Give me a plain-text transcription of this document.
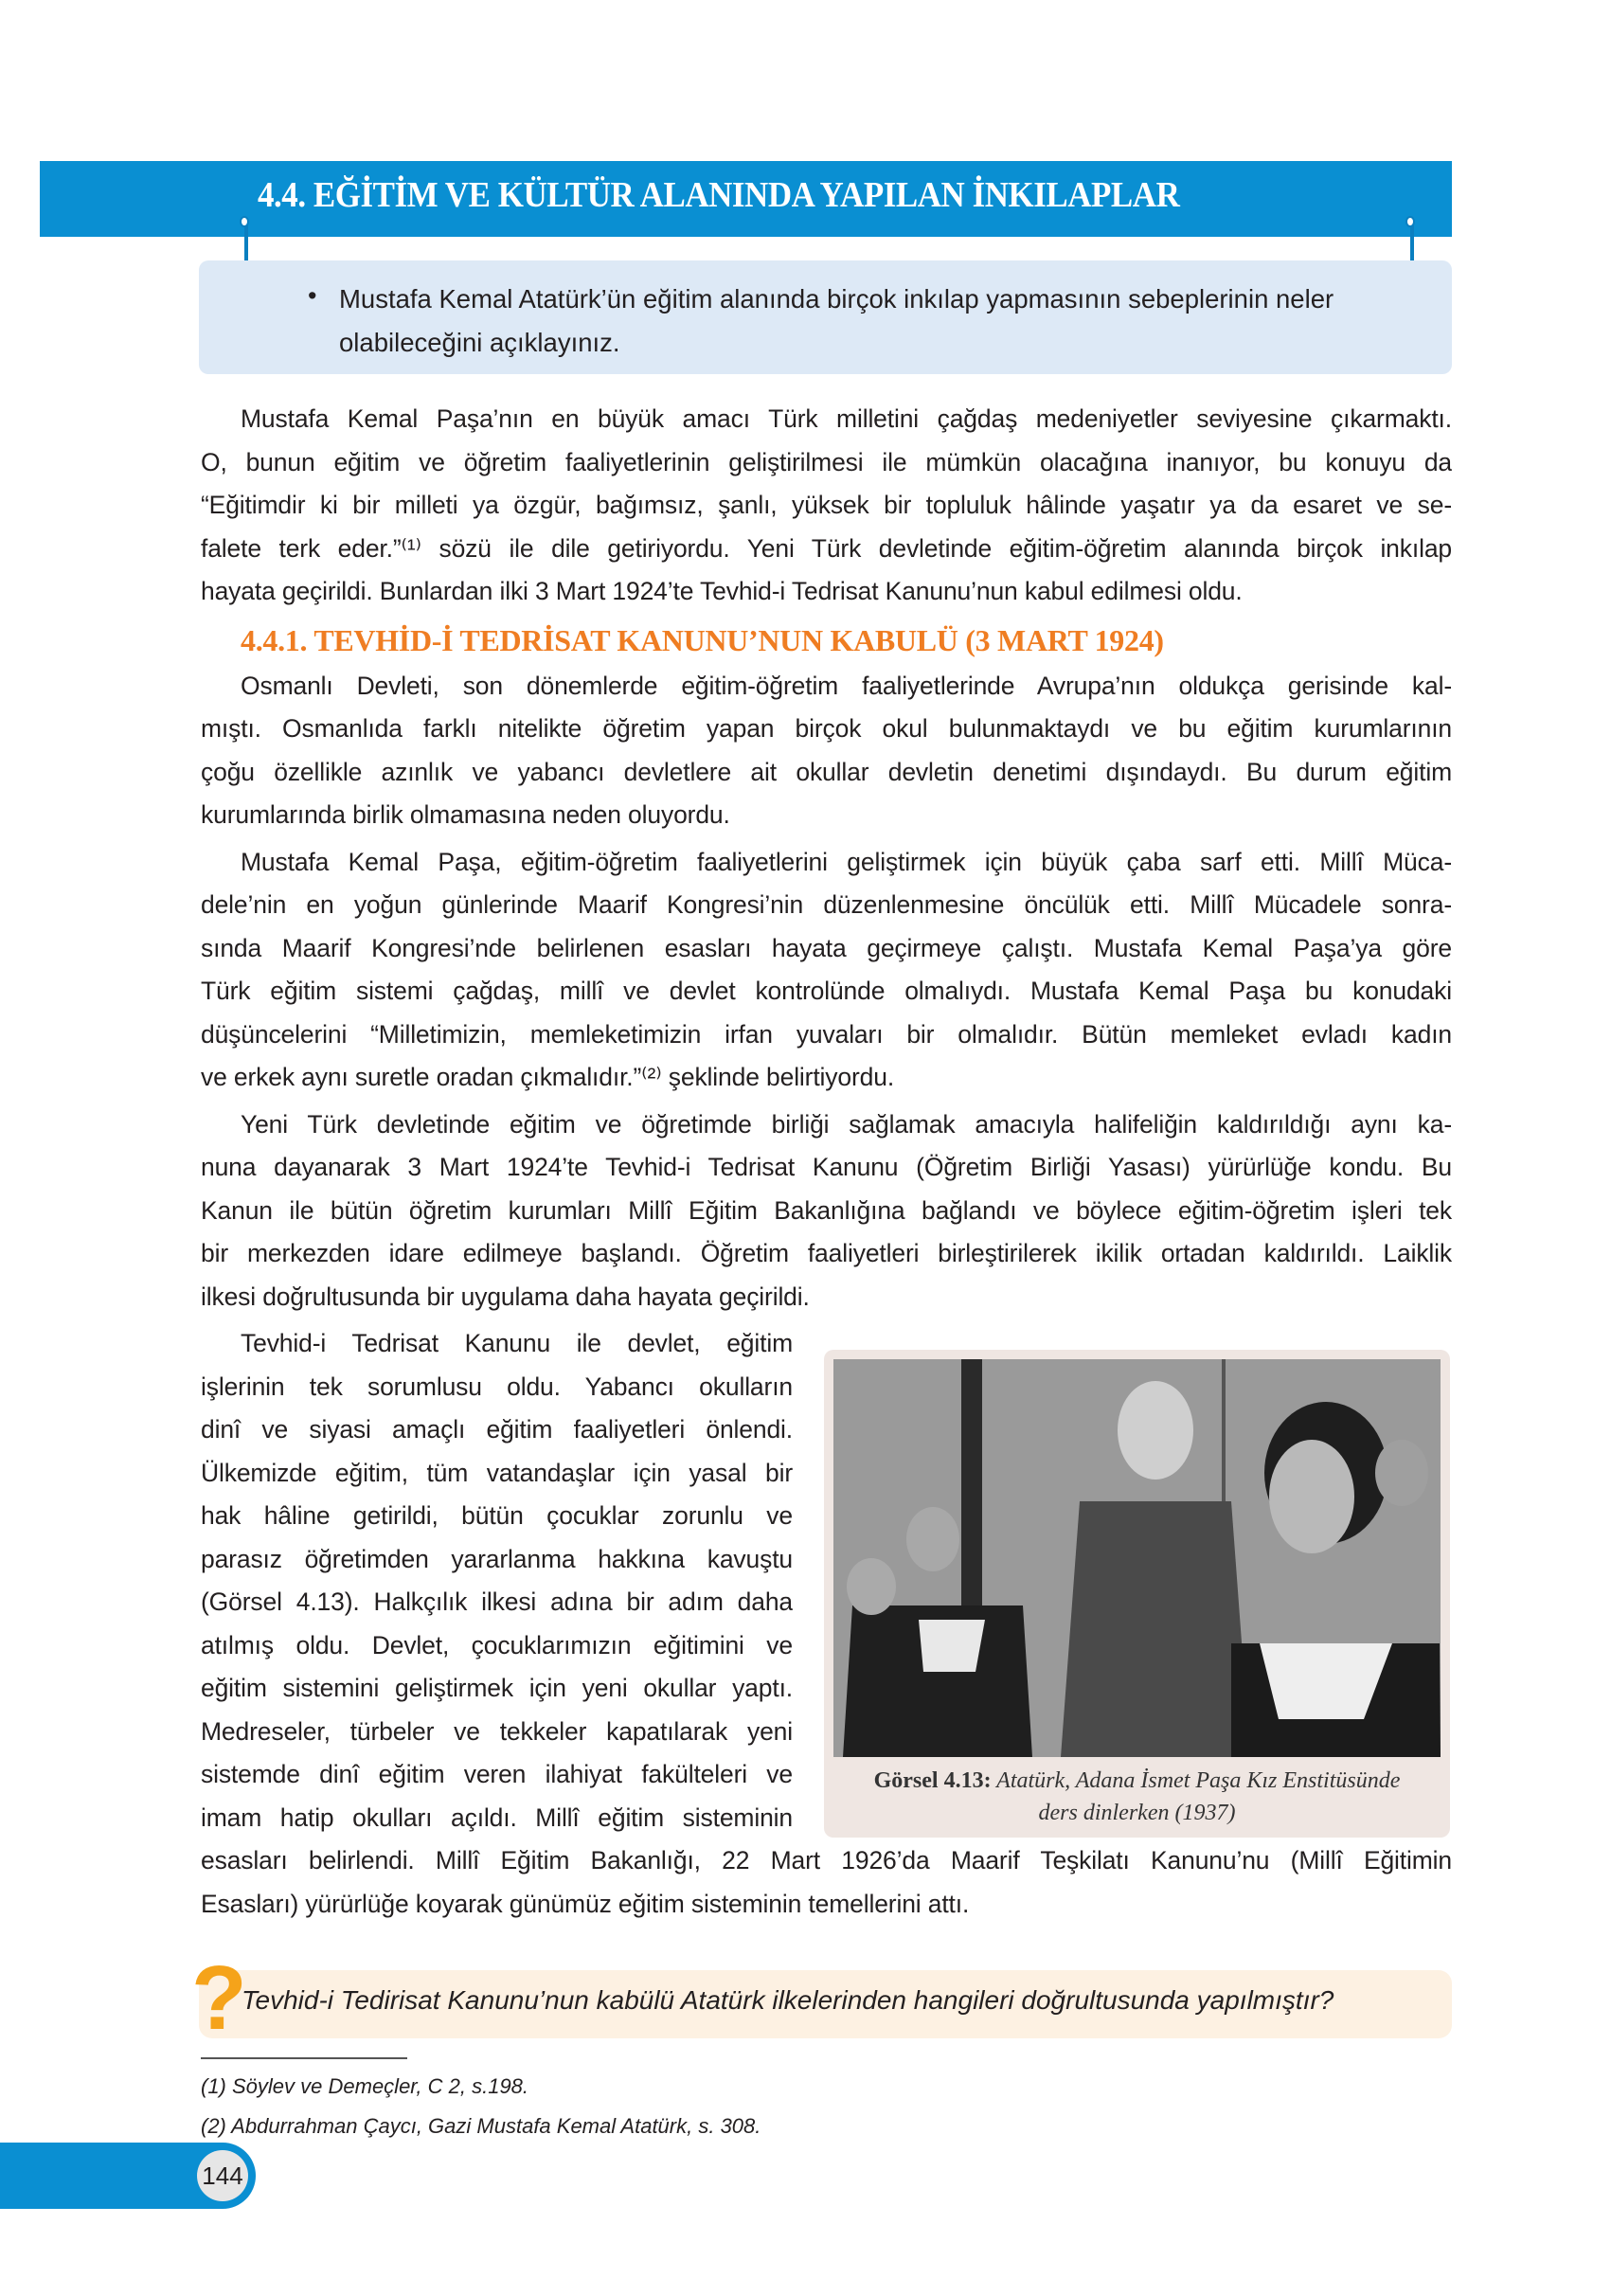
4.4. EĞİTİM VE KÜLTÜR ALANINDA YAPILAN İNKILAPLAR
• Mustafa Kemal Atatürk’ün eğitim alanında birçok inkılap yapmasının sebeplerinin neler olabileceğini açıklayınız.
Mustafa Kemal Paşa’nın en büyük amacı Türk milletini çağdaş medeniyetler seviyesine çıkarmaktı.
O, bunun eğitim ve öğretim faaliyetlerinin geliştirilmesi ile mümkün olacağına inanıyor, bu konuyu da
“Eğitimdir ki bir milleti ya özgür, bağımsız, şanlı, yüksek bir topluluk hâlinde yaşatır ya da esaret ve se-
falete terk eder.”⁽¹⁾ sözü ile dile getiriyordu. Yeni Türk devletinde eğitim-öğretim alanında birçok inkılap
hayata geçirildi. Bunlardan ilki 3 Mart 1924’te Tevhid-i Tedrisat Kanunu’nun kabul edilmesi oldu.
4.4.1. TEVHİD-İ TEDRİSAT KANUNU’NUN KABULÜ (3 MART 1924)
Osmanlı Devleti, son dönemlerde eğitim-öğretim faaliyetlerinde Avrupa’nın oldukça gerisinde kal-
mıştı. Osmanlıda farklı nitelikte öğretim yapan birçok okul bulunmaktaydı ve bu eğitim kurumlarının
çoğu özellikle azınlık ve yabancı devletlere ait okullar devletin denetimi dışındaydı. Bu durum eğitim
kurumlarında birlik olmamasına neden oluyordu.
Mustafa Kemal Paşa, eğitim-öğretim faaliyetlerini geliştirmek için büyük çaba sarf etti. Millî Müca-
dele’nin en yoğun günlerinde Maarif Kongresi’nin düzenlenmesine öncülük etti. Millî Mücadele sonra-
sında Maarif Kongresi’nde belirlenen esasları hayata geçirmeye çalıştı. Mustafa Kemal Paşa’ya göre
Türk eğitim sistemi çağdaş, millî ve devlet kontrolünde olmalıydı. Mustafa Kemal Paşa bu konudaki
düşüncelerini “Milletimizin, memleketimizin irfan yuvaları bir olmalıdır. Bütün memleket evladı kadın
ve erkek aynı suretle oradan çıkmalıdır.”⁽²⁾ şeklinde belirtiyordu.
Yeni Türk devletinde eğitim ve öğretimde birliği sağlamak amacıyla halifeliğin kaldırıldığı aynı ka-
nuna dayanarak 3 Mart 1924’te Tevhid-i Tedrisat Kanunu (Öğretim Birliği Yasası) yürürlüğe kondu. Bu
Kanun ile bütün öğretim kurumları Millî Eğitim Bakanlığına bağlandı ve böylece eğitim-öğretim işleri tek
bir merkezden idare edilmeye başlandı. Öğretim faaliyetleri birleştirilerek ikilik ortadan kaldırıldı. Laiklik
ilkesi doğrultusunda bir uygulama daha hayata geçirildi.
Tevhid-i Tedrisat Kanunu ile devlet, eğitim
işlerinin tek sorumlusu oldu. Yabancı okulların
dinî ve siyasi amaçlı eğitim faaliyetleri önlendi.
Ülkemizde eğitim, tüm vatandaşlar için yasal bir
hak hâline getirildi, bütün çocuklar zorunlu ve
parasız öğretimden yararlanma hakkına kavuştu
(Görsel 4.13). Halkçılık ilkesi adına bir adım daha
atılmış oldu. Devlet, çocuklarımızın eğitimini ve
eğitim sistemini geliştirmek için yeni okullar yaptı.
Medreseler, türbeler ve tekkeler kapatılarak yeni
sistemde dinî eğitim veren ilahiyat fakülteleri ve
imam hatip okulları açıldı. Millî eğitim sisteminin
esasları belirlendi. Millî Eğitim Bakanlığı, 22 Mart 1926’da Maarif Teşkilatı Kanunu’nu (Millî Eğitimin
Esasları) yürürlüğe koyarak günümüz eğitim sisteminin temellerini attı.
Görsel 4.13: Atatürk, Adana İsmet Paşa Kız Enstitüsünde
ders dinlerken (1937)
?
Tevhid-i Tedirisat Kanunu’nun kabülü Atatürk ilkelerinden hangileri doğrultusunda yapılmıştır?
(1) Söylev ve Demeçler, C 2, s.198.
(2) Abdurrahman Çaycı, Gazi Mustafa Kemal Atatürk, s. 308.
144
